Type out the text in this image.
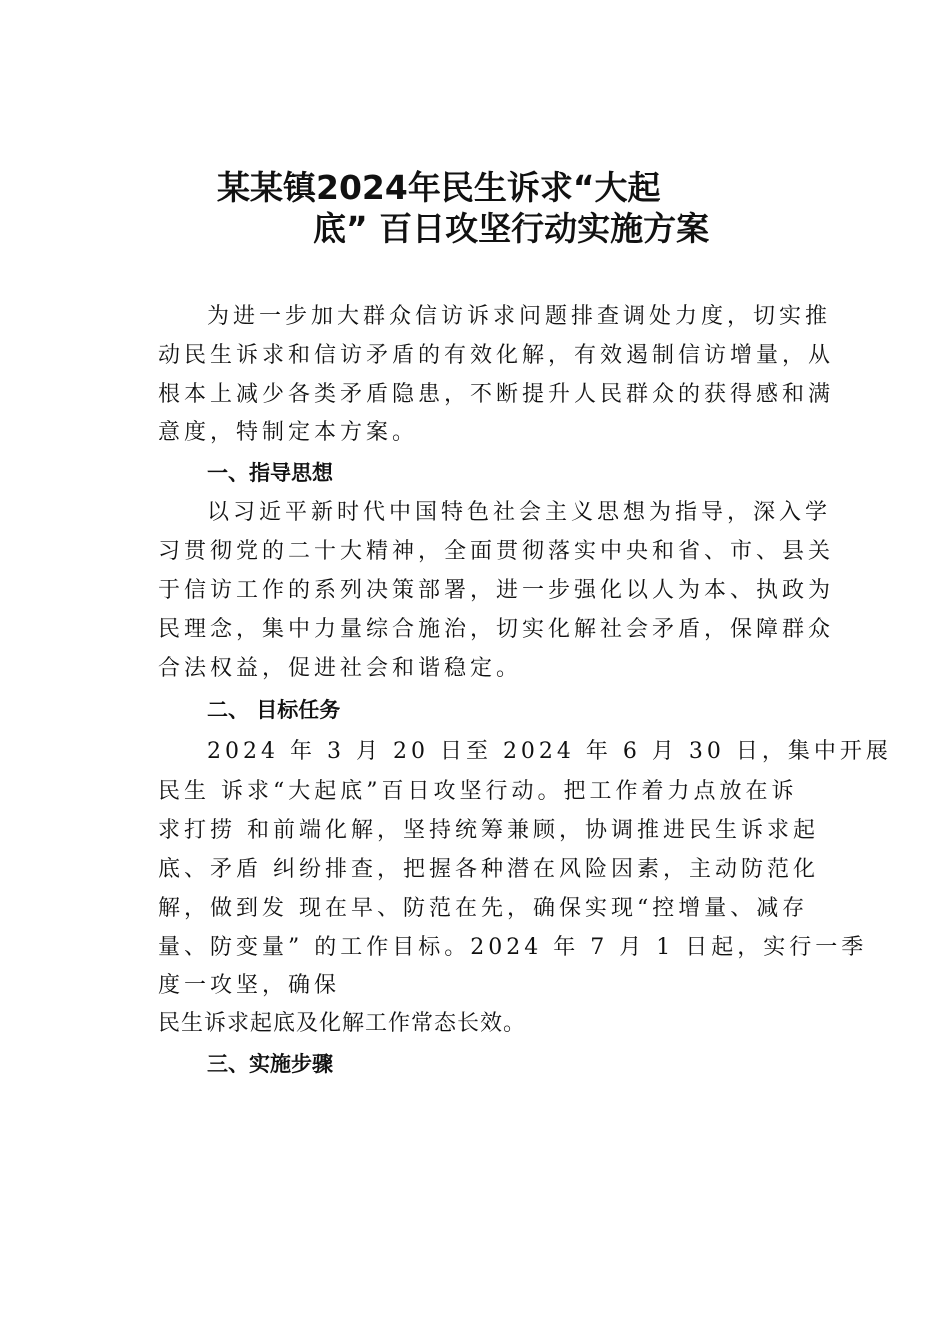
某某镇2024年民生诉求“大起
底” 百日攻坚行动实施方案
为进一步加大群众信访诉求问题排查调处力度，切实推
动民生诉求和信访矛盾的有效化解，有效遏制信访增量，从
根本上减少各类矛盾隐患，不断提升人民群众的获得感和满
意度，特制定本方案。
一、指导思想
以习近平新时代中国特色社会主义思想为指导，深入学
习贯彻党的二十大精神，全面贯彻落实中央和省、市、县关
于信访工作的系列决策部署，进一步强化以人为本、执政为
民理念，集中力量综合施治，切实化解社会矛盾，保障群众
合法权益，促进社会和谐稳定。
二、 目标任务
2024 年 3 月 20 日至 2024 年 6 月 30 日，集中开展
民生 诉求“大起底”百日攻坚行动。把工作着力点放在诉
求打捞 和前端化解，坚持统筹兼顾，协调推进民生诉求起
底、矛盾 纠纷排查，把握各种潜在风险因素，主动防范化
解，做到发 现在早、防范在先，确保实现“控增量、减存
量、防变量” 的工作目标。2024 年 7 月 1 日起，实行一季
度一攻坚，确保
民生诉求起底及化解工作常态长效。
三、实施步骤
